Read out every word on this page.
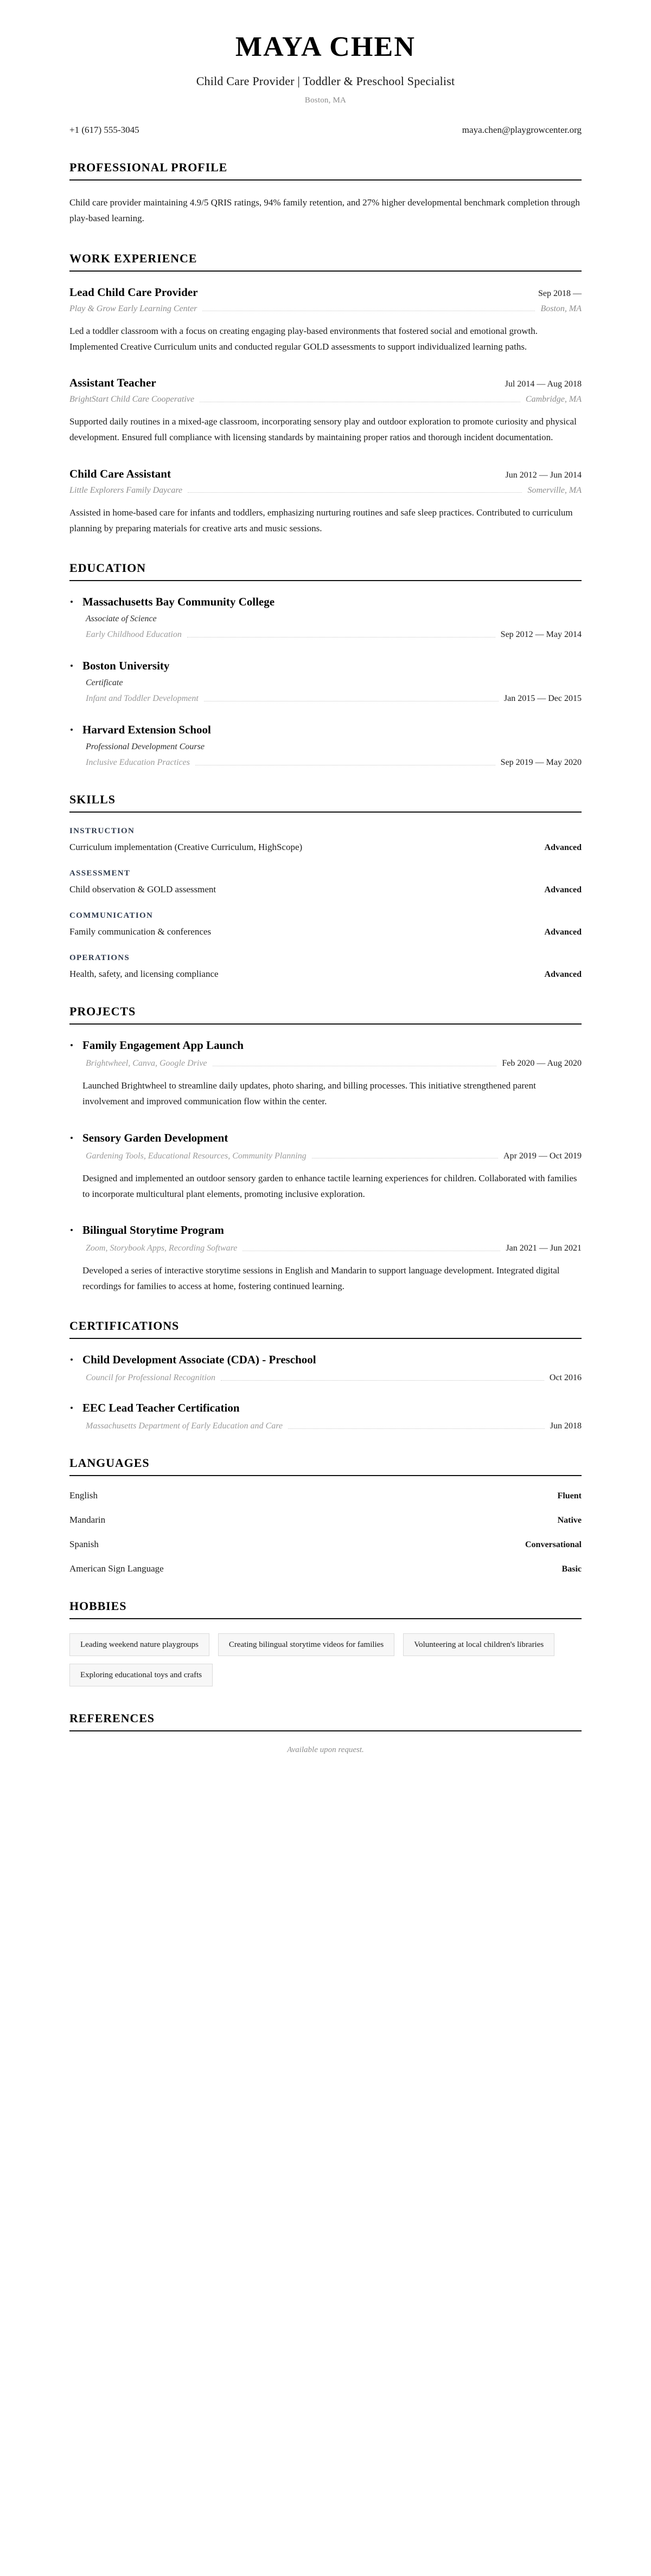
MAYA CHEN
Child Care Provider | Toddler & Preschool Specialist
Boston, MA
+1 (617) 555-3045	maya.chen@playgrowcenter.org
PROFESSIONAL PROFILE
Child care provider maintaining 4.9/5 QRIS ratings, 94% family retention, and 27% higher developmental benchmark completion through play-based learning.
WORK EXPERIENCE
Lead Child Care Provider	Sep 2018 —
Play & Grow Early Learning Center	Boston, MA
Led a toddler classroom with a focus on creating engaging play-based environments that fostered social and emotional growth. Implemented Creative Curriculum units and conducted regular GOLD assessments to support individualized learning paths.
Assistant Teacher	Jul 2014 — Aug 2018
BrightStart Child Care Cooperative	Cambridge, MA
Supported daily routines in a mixed-age classroom, incorporating sensory play and outdoor exploration to promote curiosity and physical development. Ensured full compliance with licensing standards by maintaining proper ratios and thorough incident documentation.
Child Care Assistant	Jun 2012 — Jun 2014
Little Explorers Family Daycare	Somerville, MA
Assisted in home-based care for infants and toddlers, emphasizing nurturing routines and safe sleep practices. Contributed to curriculum planning by preparing materials for creative arts and music sessions.
EDUCATION
Massachusetts Bay Community College
Associate of Science
Early Childhood Education	Sep 2012 — May 2014
Boston University
Certificate
Infant and Toddler Development	Jan 2015 — Dec 2015
Harvard Extension School
Professional Development Course
Inclusive Education Practices	Sep 2019 — May 2020
SKILLS
INSTRUCTION
Curriculum implementation (Creative Curriculum, HighScope)	Advanced
ASSESSMENT
Child observation & GOLD assessment	Advanced
COMMUNICATION
Family communication & conferences	Advanced
OPERATIONS
Health, safety, and licensing compliance	Advanced
PROJECTS
Family Engagement App Launch
Brightwheel, Canva, Google Drive	Feb 2020 — Aug 2020
Launched Brightwheel to streamline daily updates, photo sharing, and billing processes. This initiative strengthened parent involvement and improved communication flow within the center.
Sensory Garden Development
Gardening Tools, Educational Resources, Community Planning	Apr 2019 — Oct 2019
Designed and implemented an outdoor sensory garden to enhance tactile learning experiences for children. Collaborated with families to incorporate multicultural plant elements, promoting inclusive exploration.
Bilingual Storytime Program
Zoom, Storybook Apps, Recording Software	Jan 2021 — Jun 2021
Developed a series of interactive storytime sessions in English and Mandarin to support language development. Integrated digital recordings for families to access at home, fostering continued learning.
CERTIFICATIONS
Child Development Associate (CDA) - Preschool
Council for Professional Recognition	Oct 2016
EEC Lead Teacher Certification
Massachusetts Department of Early Education and Care	Jun 2018
LANGUAGES
English	Fluent
Mandarin	Native
Spanish	Conversational
American Sign Language	Basic
HOBBIES
Leading weekend nature playgroups	Creating bilingual storytime videos for families	Volunteering at local children's libraries
Exploring educational toys and crafts
REFERENCES
Available upon request.
